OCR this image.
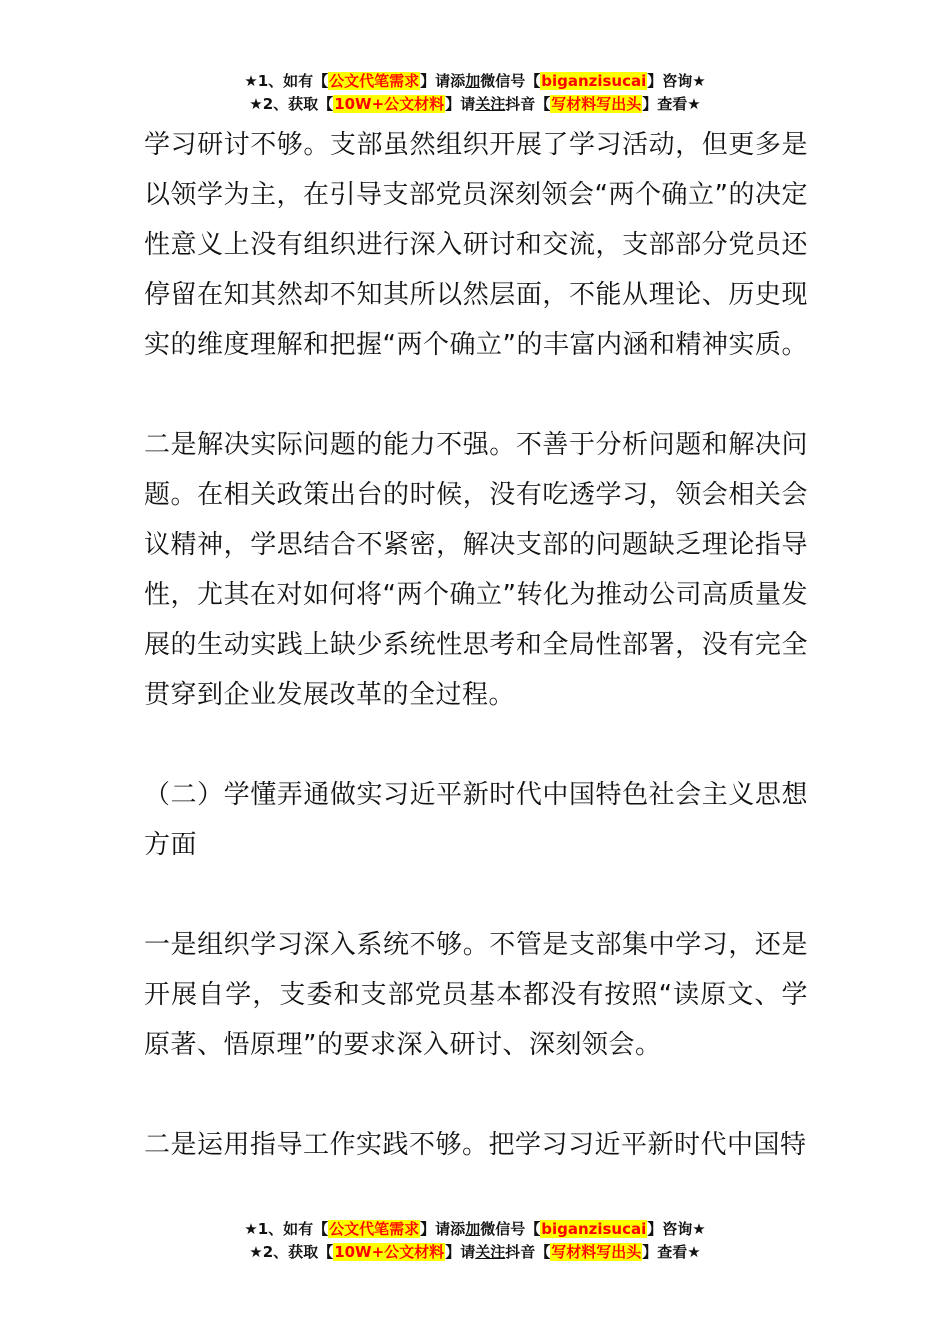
★1、如有【公文代笔需求】请添加微信号【biganzisucai】咨询★
★2、获取【10W+公文材料】请关注抖音【写材料写出头】查看★

学习研讨不够。支部虽然组织开展了学习活动，但更多是以领学为主，在引导支部党员深刻领会“两个确立”的决定性意义上没有组织进行深入研讨和交流，支部部分党员还停留在知其然却不知其所以然层面，不能从理论、历史现实的维度理解和把握“两个确立”的丰富内涵和精神实质。

二是解决实际问题的能力不强。不善于分析问题和解决问题。在相关政策出台的时候，没有吃透学习，领会相关会议精神，学思结合不紧密，解决支部的问题缺乏理论指导性，尤其在对如何将“两个确立”转化为推动公司高质量发展的生动实践上缺少系统性思考和全局性部署，没有完全贯穿到企业发展改革的全过程。

（二）学懂弄通做实习近平新时代中国特色社会主义思想方面

一是组织学习深入系统不够。不管是支部集中学习，还是开展自学，支委和支部党员基本都没有按照“读原文、学原著、悟原理”的要求深入研讨、深刻领会。

二是运用指导工作实践不够。把学习习近平新时代中国特

★1、如有【公文代笔需求】请添加微信号【biganzisucai】咨询★
★2、获取【10W+公文材料】请关注抖音【写材料写出头】查看★
